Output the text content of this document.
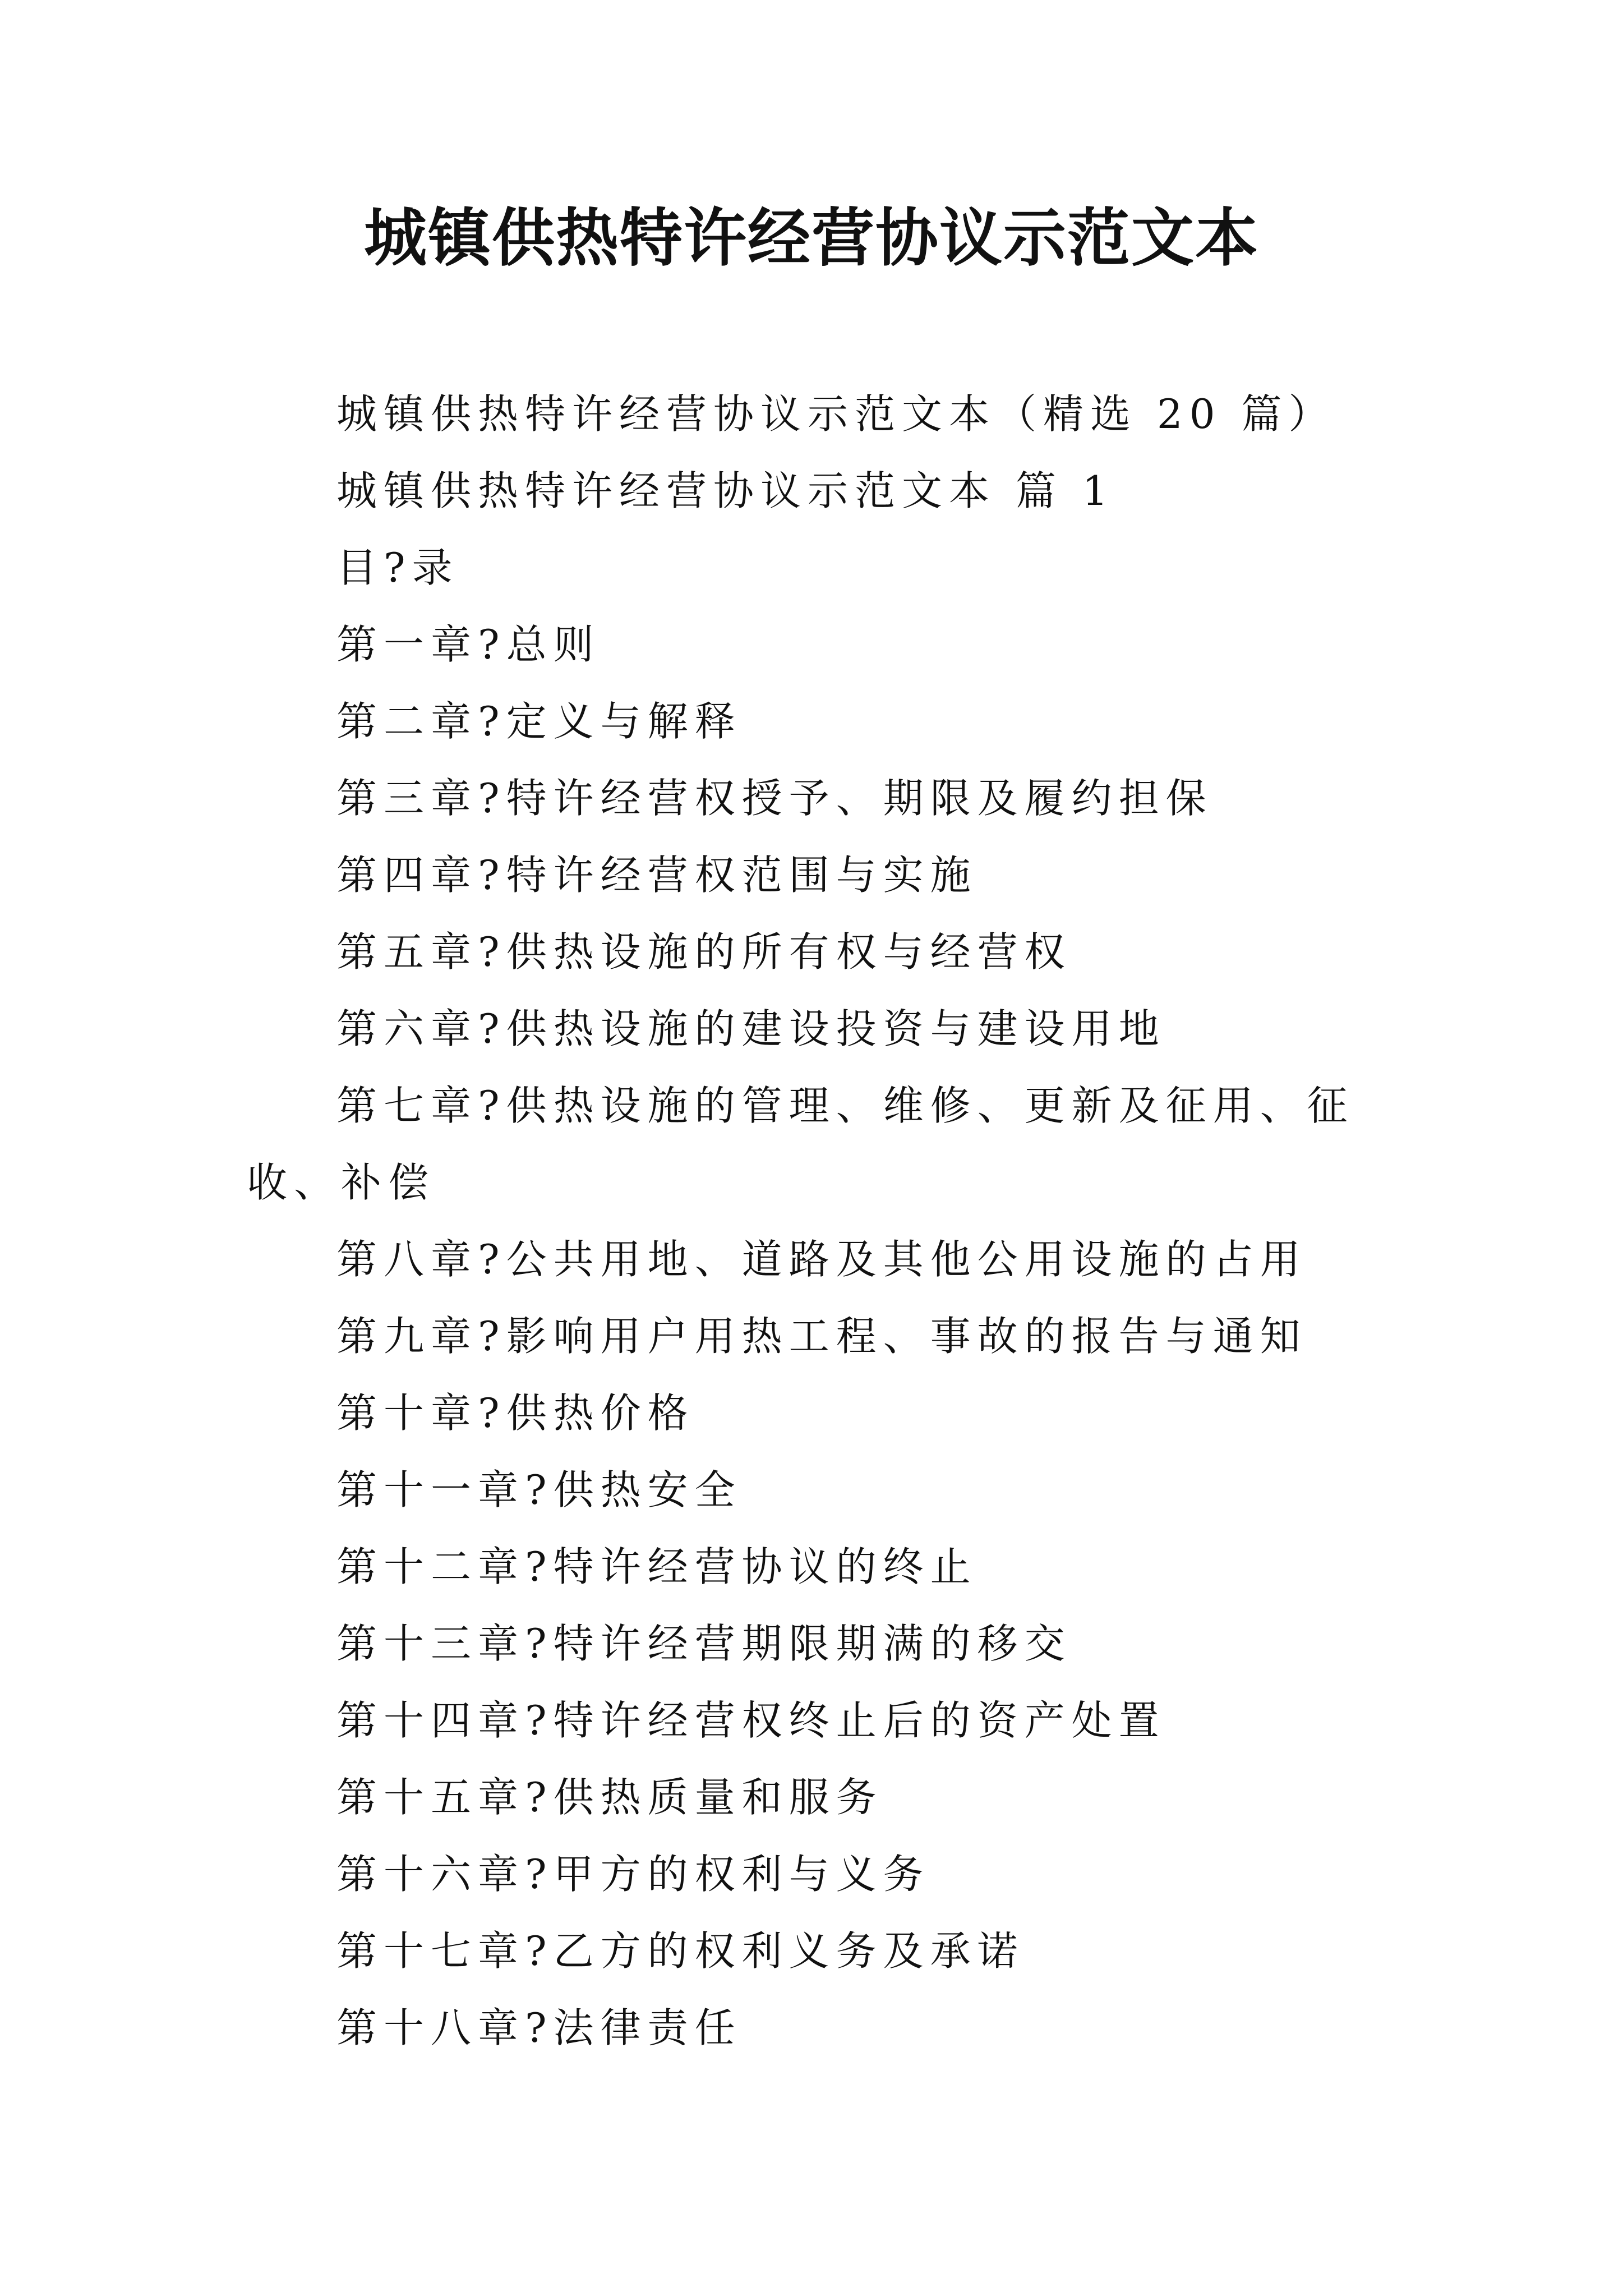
城镇供热特许经营协议示范文本

城镇供热特许经营协议示范文本（精选 20 篇）

城镇供热特许经营协议示范文本 篇 1

目?录

第一章?总则

第二章?定义与解释

第三章?特许经营权授予、期限及履约担保

第四章?特许经营权范围与实施

第五章?供热设施的所有权与经营权

第六章?供热设施的建设投资与建设用地

第七章?供热设施的管理、维修、更新及征用、征收、补偿

第八章?公共用地、道路及其他公用设施的占用

第九章?影响用户用热工程、事故的报告与通知

第十章?供热价格

第十一章?供热安全

第十二章?特许经营协议的终止

第十三章?特许经营期限期满的移交

第十四章?特许经营权终止后的资产处置

第十五章?供热质量和服务

第十六章?甲方的权利与义务

第十七章?乙方的权利义务及承诺

第十八章?法律责任
